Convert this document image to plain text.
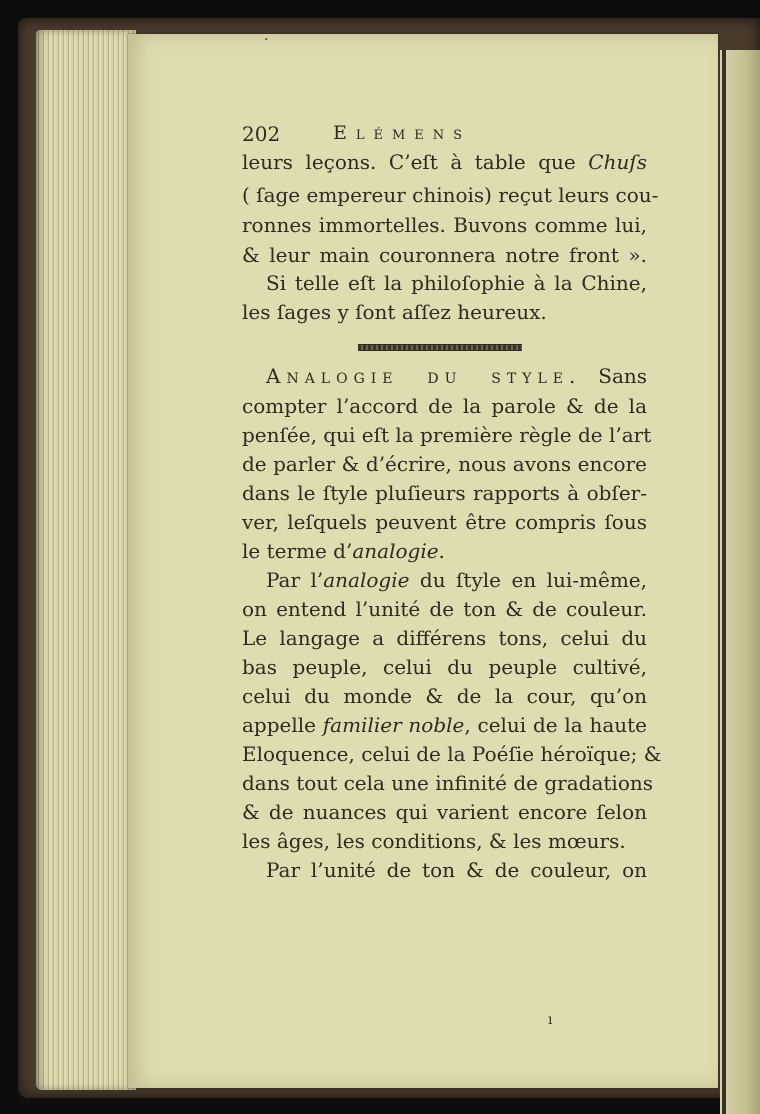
202	Elémens
leurs leçons. C’eſt à table que Chuſs
( ſage empereur chinois) reçut leurs cou-
ronnes immortelles. Buvons comme lui,
& leur main couronnera notre front ».
Si telle eſt la philoſophie à la Chine,
les ſages y ſont aſſez heureux.
Analogie du style. Sans
compter l’accord de la parole & de la
penſée, qui eſt la première règle de l’art
de parler & d’écrire, nous avons encore
dans le ſtyle pluſieurs rapports à obſer-
ver, leſquels peuvent être compris ſous
le terme d’analogie.
Par l’analogie du ſtyle en lui-même,
on entend l’unité de ton & de couleur.
Le langage a différens tons, celui du
bas peuple, celui du peuple cultivé,
celui du monde & de la cour, qu’on
appelle familier noble, celui de la haute
Eloquence, celui de la Poéſie héroïque; &
dans tout cela une infinité de gradations
& de nuances qui varient encore ſelon
les âges, les conditions, & les mœurs.
Par l’unité de ton & de couleur, on
·
ı
